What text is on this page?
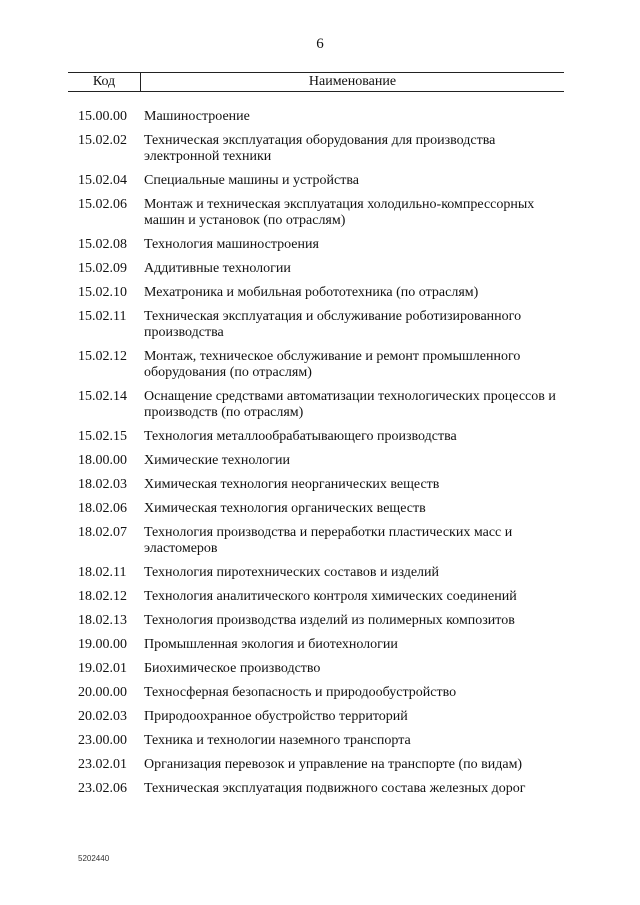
6
Код	Наименование
15.00.00	Машиностроение
15.02.02	Техническая эксплуатация оборудования для производства электронной техники
15.02.04	Специальные машины и устройства
15.02.06	Монтаж и техническая эксплуатация холодильно-компрессорных машин и установок (по отраслям)
15.02.08	Технология машиностроения
15.02.09	Аддитивные технологии
15.02.10	Мехатроника и мобильная робототехника (по отраслям)
15.02.11	Техническая эксплуатация и обслуживание роботизированного производства
15.02.12	Монтаж, техническое обслуживание и ремонт промышленного оборудования (по отраслям)
15.02.14	Оснащение средствами автоматизации технологических процессов и производств (по отраслям)
15.02.15	Технология металлообрабатывающего производства
18.00.00	Химические технологии
18.02.03	Химическая технология неорганических веществ
18.02.06	Химическая технология органических веществ
18.02.07	Технология производства и переработки пластических масс и эластомеров
18.02.11	Технология пиротехнических составов и изделий
18.02.12	Технология аналитического контроля химических соединений
18.02.13	Технология производства изделий из полимерных композитов
19.00.00	Промышленная экология и биотехнологии
19.02.01	Биохимическое производство
20.00.00	Техносферная безопасность и природообустройство
20.02.03	Природоохранное обустройство территорий
23.00.00	Техника и технологии наземного транспорта
23.02.01	Организация перевозок и управление на транспорте (по видам)
23.02.06	Техническая эксплуатация подвижного состава железных дорог
5202440
